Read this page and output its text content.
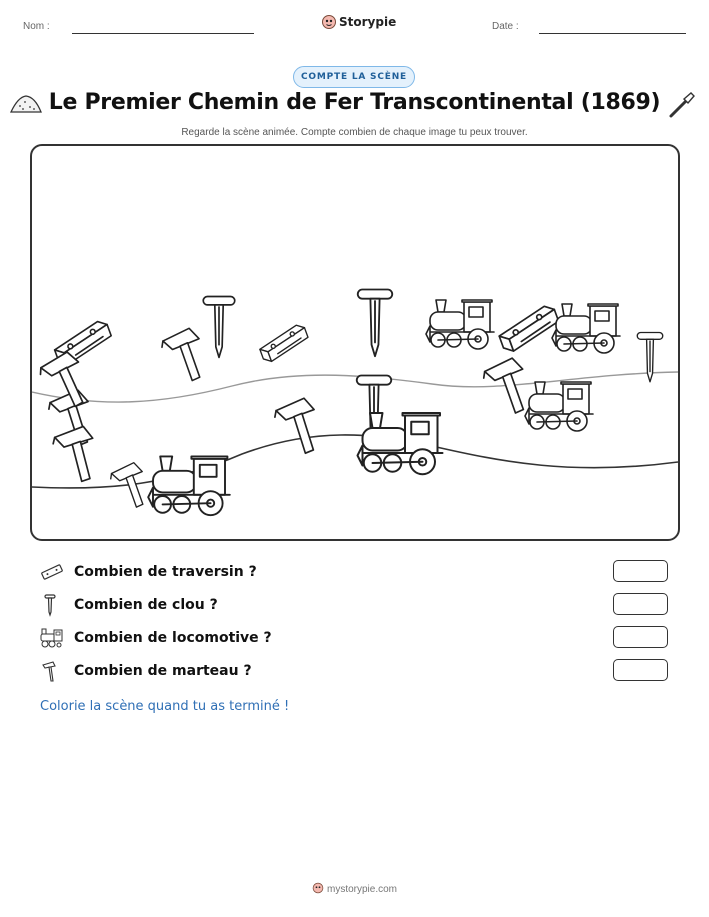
Nom :	Storypie	Date :
COMPTE LA SCÈNE
Le Premier Chemin de Fer Transcontinental (1869)
Regarde la scène animée. Compte combien de chaque image tu peux trouver.
Combien de traversin ?
Combien de clou ?
Combien de locomotive ?
Combien de marteau ?
Colorie la scène quand tu as terminé !
mystorypie.com
